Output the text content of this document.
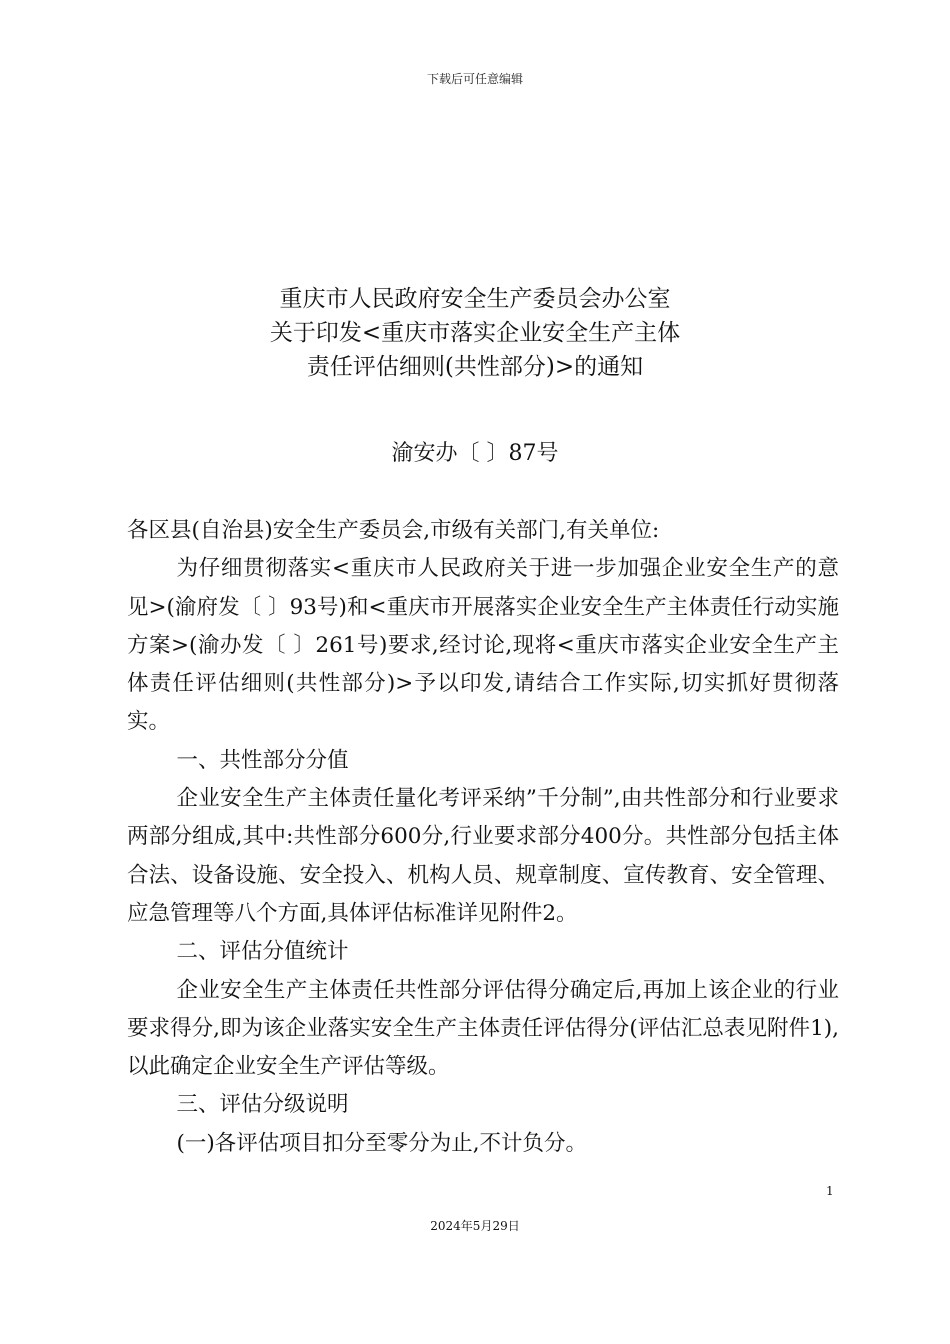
下载后可任意编辑
重庆市人民政府安全生产委员会办公室
关于印发<重庆市落实企业安全生产主体
责任评估细则(共性部分)>的通知
渝安办〔 〕87号

各区县(自治县)安全生产委员会,市级有关部门,有关单位:

为仔细贯彻落实<重庆市人民政府关于进一步加强企业安全生产的意见>(渝府发〔 〕93号)和<重庆市开展落实企业安全生产主体责任行动实施方案>(渝办发〔 〕261号)要求,经讨论,现将<重庆市落实企业安全生产主体责任评估细则(共性部分)>予以印发,请结合工作实际,切实抓好贯彻落实。

一、共性部分分值

企业安全生产主体责任量化考评采纳”千分制”,由共性部分和行业要求两部分组成,其中:共性部分600分,行业要求部分400分。共性部分包括主体合法、设备设施、安全投入、机构人员、规章制度、宣传教育、安全管理、应急管理等八个方面,具体评估标准详见附件2。

二、评估分值统计

企业安全生产主体责任共性部分评估得分确定后,再加上该企业的行业要求得分,即为该企业落实安全生产主体责任评估得分(评估汇总表见附件1),以此确定企业安全生产评估等级。

三、评估分级说明

(一)各评估项目扣分至零分为止,不计负分。

1
2024年5月29日
